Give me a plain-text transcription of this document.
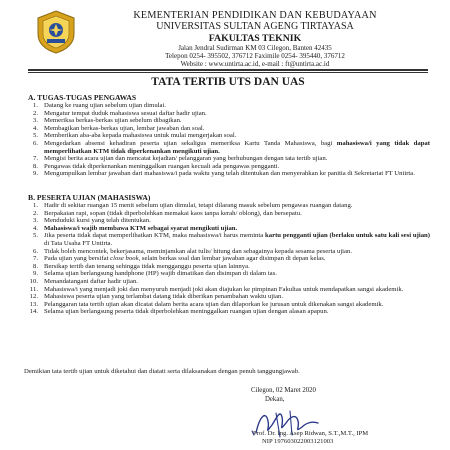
KEMENTERIAN PENDIDIKAN DAN KEBUDAYAAN
UNIVERSITAS SULTAN AGENG TIRTAYASA
FAKULTAS TEKNIK
Jalan Jendral Sudirman KM 03 Cilegon, Banten 42435
Telepon 0254- 395502, 376712 Faximile 0254- 395440, 376712
Website : www.untirta.ac.id, e-mail : ft@untirta.ac.id
TATA TERTIB UTS DAN UAS
A. TUGAS-TUGAS PENGAWAS
1. Datang ke ruang ujian sebelum ujian dimulai.
2. Mengatur tempat duduk mahasiswa sesuai daftar hadir ujian.
3. Memeriksa berkas-berkas ujian sebelum dibagikan.
4. Membagikan berkas-berkas ujian, lembar jawaban dan soal.
5. Memberikan aba-aba kepada mahasiswa untuk mulai mengerjakan soal.
6. Mengedarkan absensi kehadiran peserta ujian sekaligus memeriksa Kartu Tanda Mahasiswa, bagi mahasiswa/i yang tidak dapat memperlihatkan KTM tidak diperkenankan mengikuti ujian.
7. Mengisi berita acara ujian dan mencatat kejadian/ pelanggaran yang berhubungan dengan tata tertib ujian.
8. Pengawas tidak diperkenankan meninggalkan ruangan kecuali ada pengawas pengganti.
9. Mengumpulkan lembar jawaban dari mahasiswa/i pada waktu yang telah ditentukan dan menyerahkan ke panitia di Sekretariat FT Untirta.
B. PESERTA UJIAN (MAHASISWA)
1. Hadir di sekitar ruangan 15 menit sebelum ujian dimulai, tetapi dilarang masuk sebelum pengawas ruangan datang.
2. Berpakaian rapi, sopan (tidak diperbolehkan memakai kaos tanpa kerah/ oblong), dan bersepatu.
3. Menduduki kursi yang telah ditentukan.
4. Mahasiswa/i wajib membawa KTM sebagai syarat mengikuti ujian.
5. Jika peserta tidak dapat memperlihatkan KTM, maka mahasiswa/i harus meminta kartu pengganti ujian (berlaku untuk satu kali sesi ujian) di Tata Usaha FT Untirta.
6. Tidak boleh mencontek, bekerjasama, meminjamkan alat tulis/ hitung dan sebagainya kepada sesama peserta ujian.
7. Pada ujian yang bersifat close book, selain berkas soal dan lembar jawaban agar disimpan di depan kelas.
8. Bersikap tertib dan tenang sehingga tidak mengganggu peserta ujian lainnya.
9. Selama ujian berlangsung handphone (HP) wajib dimatikan dan disimpan di dalam tas.
10. Menandatangani daftar hadir ujian.
11. Mahasiswa/i yang menjadi joki dan menyuruh menjadi joki akan diajukan ke pimpinan Fakultas untuk mendapatkan sangsi akademik.
12. Mahasiswa peserta ujian yang terlambat datang tidak diberikan penambahan waktu ujian.
13. Pelanggaran tata tertib ujian akan dicatat dalam berita acara ujian dan dilaporkan ke jurusan untuk dikenakan sangsi akademik.
14. Selama ujian berlangsung peserta tidak diperbolehkan meninggalkan ruangan ujian dengan alasan apapun.
Demikian tata tertib ujian untuk diketahui dan diatati serta dilaksanakan dengan penuh tanggungjawab.
Cilegon, 02 Maret 2020
Dekan,
Prof. Dr. Ing. Asep Ridwan, S.T.,M.T., IPM
NIP 197603022003121003
